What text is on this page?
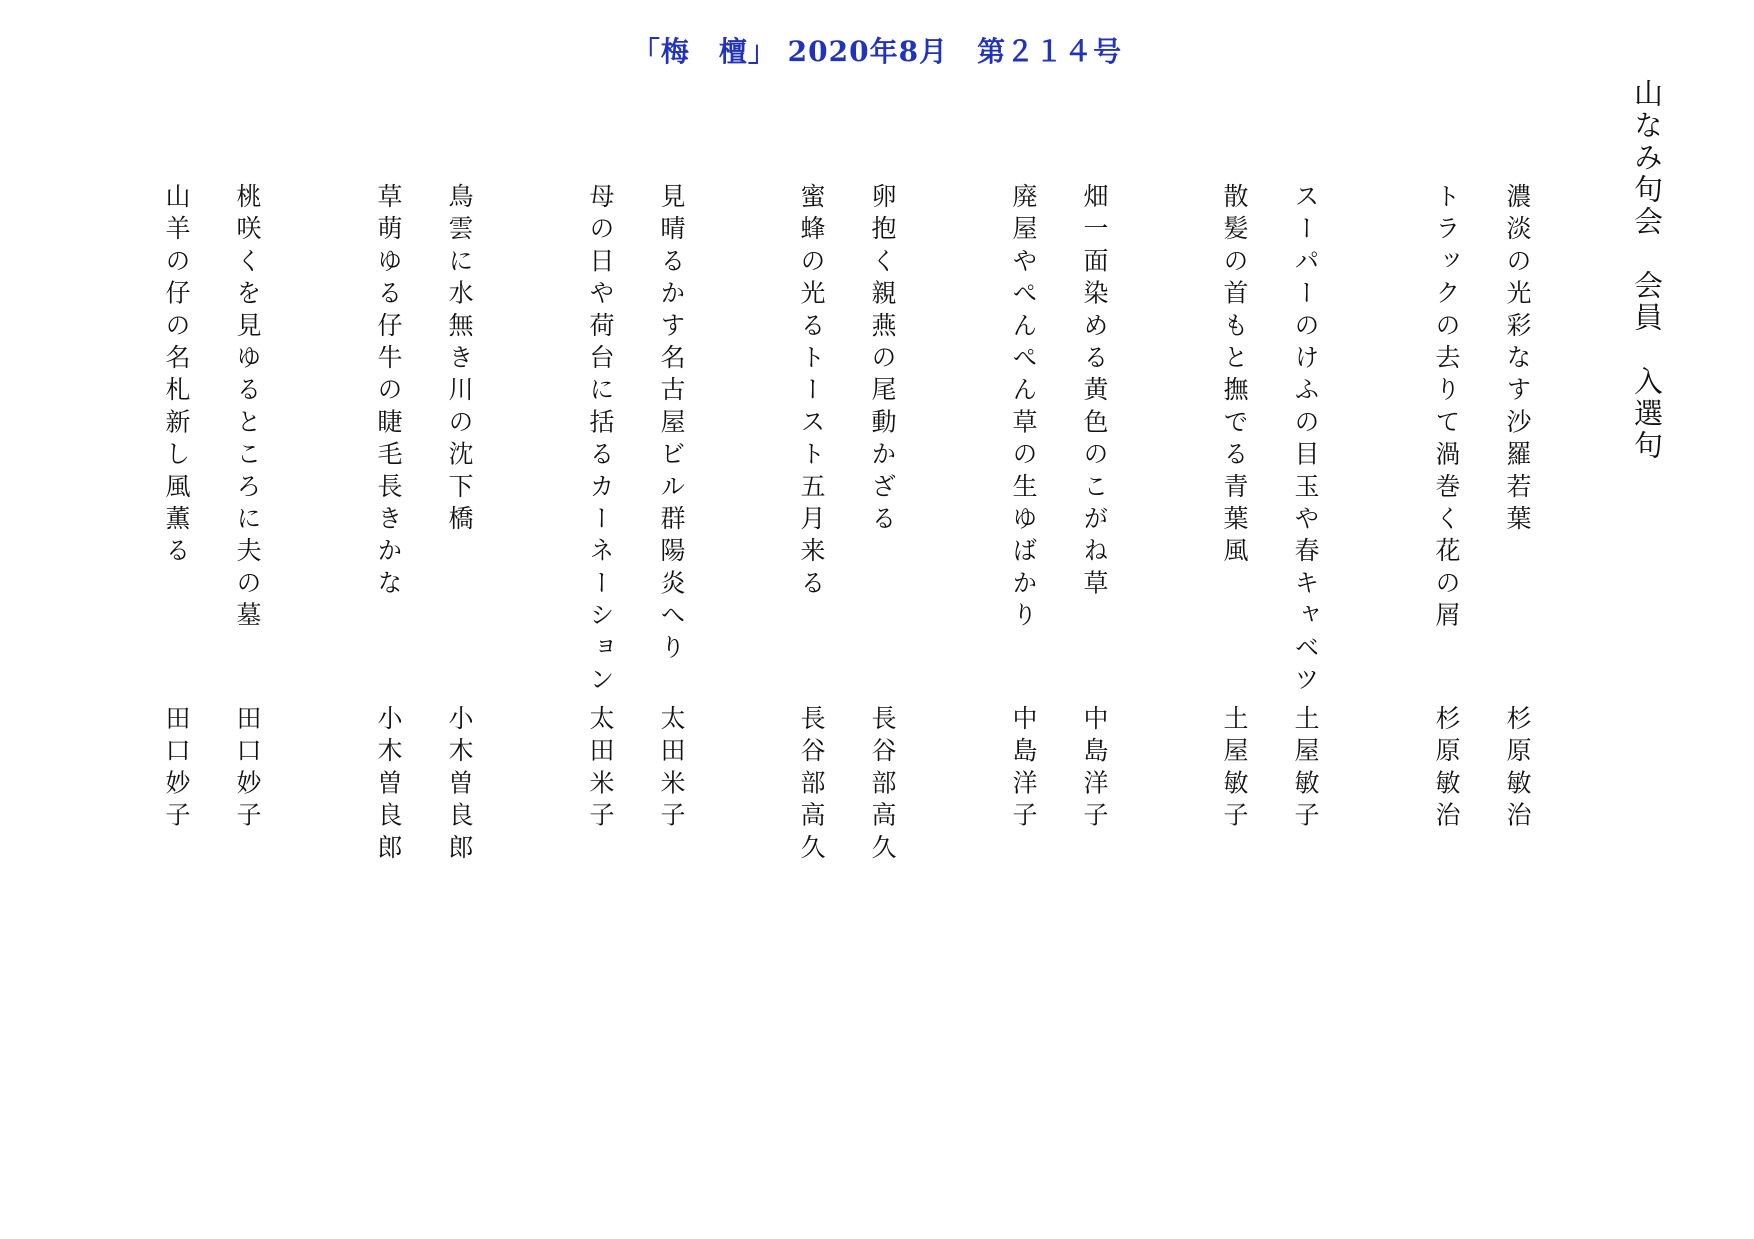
「梅　檀」 2020年8月　第２１４号
山なみ句会　会員　入選句
濃淡の光彩なす沙羅若葉
杉原敏治
トラックの去りて渦巻く花の屑
杉原敏治
スーパーのけふの目玉や春キャベツ
土屋敏子
散髪の首もと撫でる青葉風
土屋敏子
畑一面染める黄色のこがね草
中島洋子
廃屋やぺんぺん草の生ゆばかり
中島洋子
卵抱く親燕の尾動かざる
長谷部高久
蜜蜂の光るトースト五月来る
長谷部高久
見晴るかす名古屋ビル群陽炎へり
太田米子
母の日や荷台に括るカーネーション
太田米子
鳥雲に水無き川の沈下橋
小木曽良郎
草萌ゆる仔牛の睫毛長きかな
小木曽良郎
桃咲くを見ゆるところに夫の墓
田口妙子
山羊の仔の名札新し風薫る
田口妙子
